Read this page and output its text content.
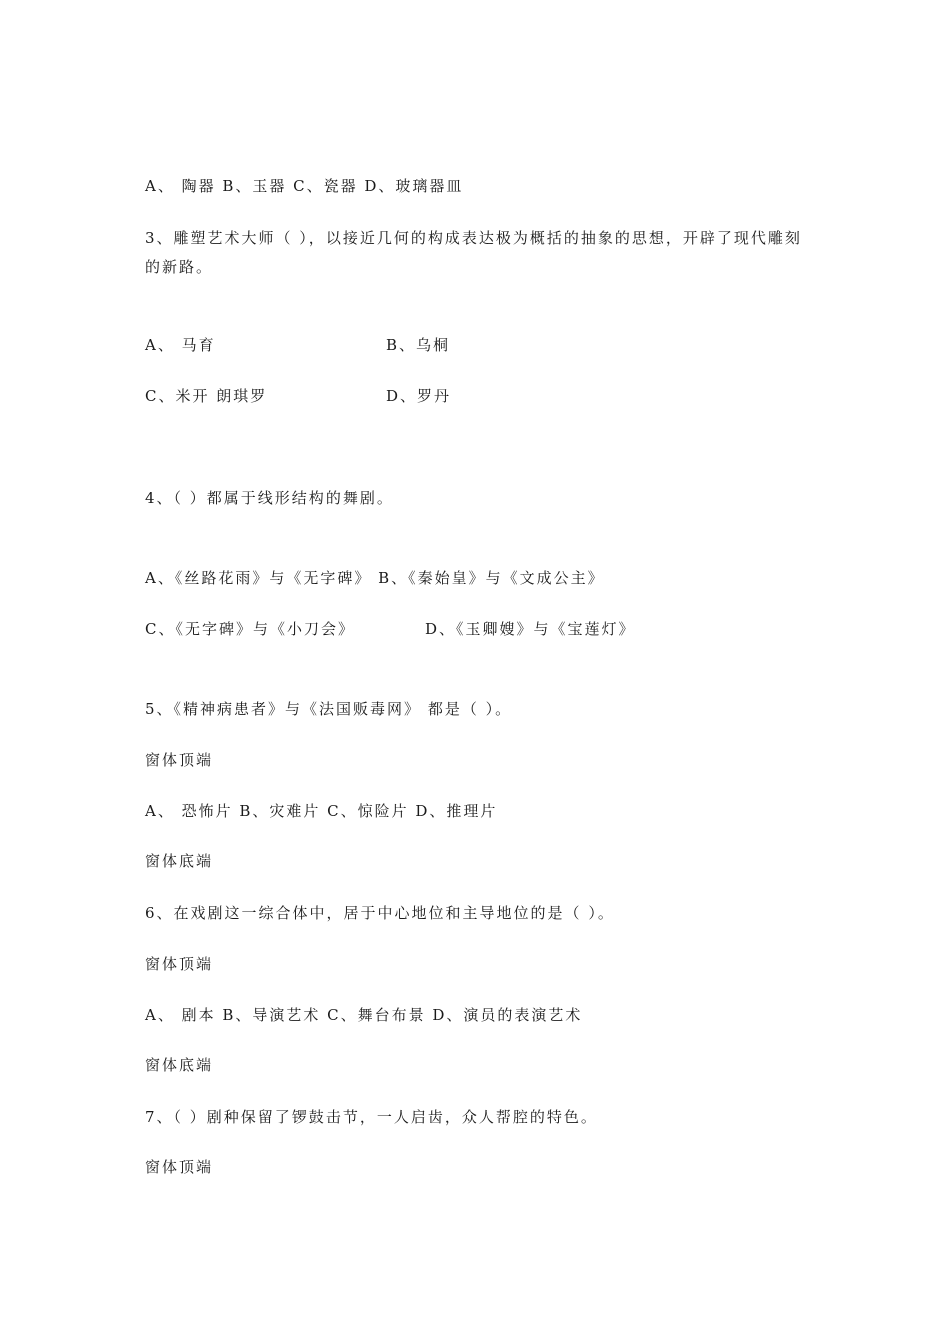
A、 陶器 B、玉器 C、瓷器 D、玻璃器皿
3、雕塑艺术大师（ ），以接近几何的构成表达极为概括的抽象的思想，开辟了现代雕刻的新路。
A、 马育	B、乌桐
C、米开 朗琪罗	D、罗丹
4、（ ）都属于线形结构的舞剧。
A、《丝路花雨》与《无字碑》 B、《秦始皇》与《文成公主》
C、《无字碑》与《小刀会》	D、《玉卿嫂》与《宝莲灯》
5、《精神病患者》与《法国贩毒网》 都是（ ）。
窗体顶端
A、 恐怖片 B、灾难片 C、惊险片 D、推理片
窗体底端
6、在戏剧这一综合体中，居于中心地位和主导地位的是（ ）。
窗体顶端
A、 剧本 B、导演艺术 C、舞台布景 D、演员的表演艺术
窗体底端
7、（ ）剧种保留了锣鼓击节，一人启齿，众人帮腔的特色。
窗体顶端
